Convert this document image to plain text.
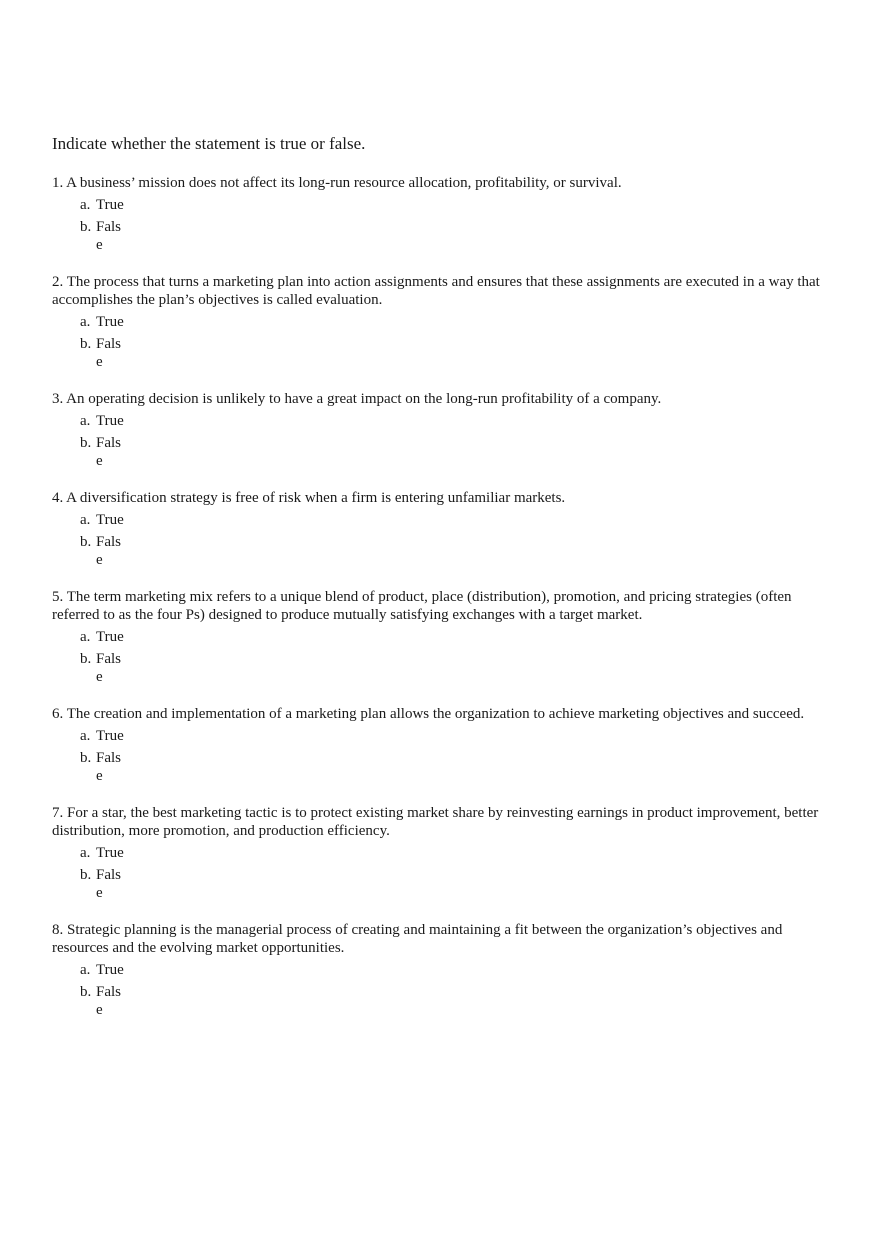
Indicate whether the statement is true or false.
1. A business’ mission does not affect its long-run resource allocation, profitability, or survival.
a. True
b. False
2. The process that turns a marketing plan into action assignments and ensures that these assignments are executed in a way that accomplishes the plan’s objectives is called evaluation.
a. True
b. False
3. An operating decision is unlikely to have a great impact on the long-run profitability of a company.
a. True
b. False
4. A diversification strategy is free of risk when a firm is entering unfamiliar markets.
a. True
b. False
5. The term marketing mix refers to a unique blend of product, place (distribution), promotion, and pricing strategies (often referred to as the four Ps) designed to produce mutually satisfying exchanges with a target market.
a. True
b. False
6. The creation and implementation of a marketing plan allows the organization to achieve marketing objectives and succeed.
a. True
b. False
7. For a star, the best marketing tactic is to protect existing market share by reinvesting earnings in product improvement, better distribution, more promotion, and production efficiency.
a. True
b. False
8. Strategic planning is the managerial process of creating and maintaining a fit between the organization’s objectives and resources and the evolving market opportunities.
a. True
b. False
